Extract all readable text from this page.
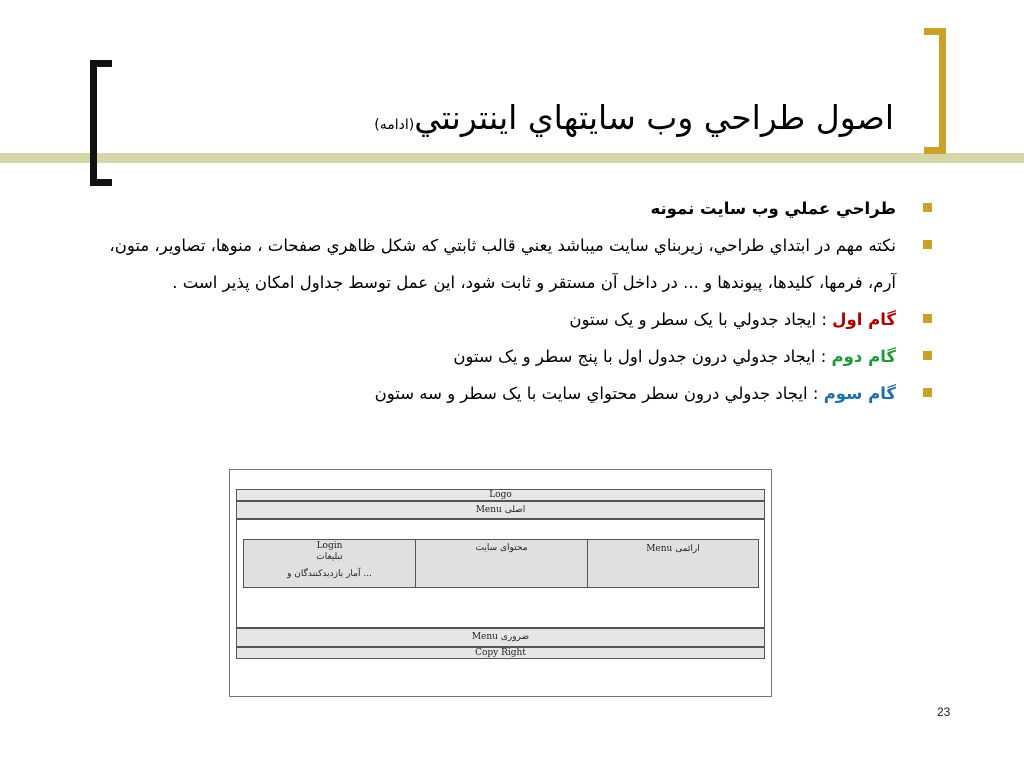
اصول طراحي وب سايتهاي اينترنتي(ادامه)
طراحي عملي وب سايت نمونه
نكته مهم در ابتداي طراحي، زيربناي سايت ميباشد يعني قالب ثابتي كه شكل ظاهري صفحات ، منوها، تصاوير، متون، آرم، فرمها، كليدها، پيوندها و ... در داخل آن مستقر و ثابت شود، اين عمل توسط جداول امكان پذير است .
گام اول : ايجاد جدولي با يک سطر و يک ستون
گام دوم : ايجاد جدولي درون جدول اول با پنج سطر و يک ستون
گام سوم : ايجاد جدولي درون سطر محتواي سايت با يک سطر و سه ستون
Logo
Menu اصلی
Login
تبلیغات
آمار بازدیدکنندگان و ...
محتوای سایت	Menu ارائمی
Menu ضروری
Copy Right
23
